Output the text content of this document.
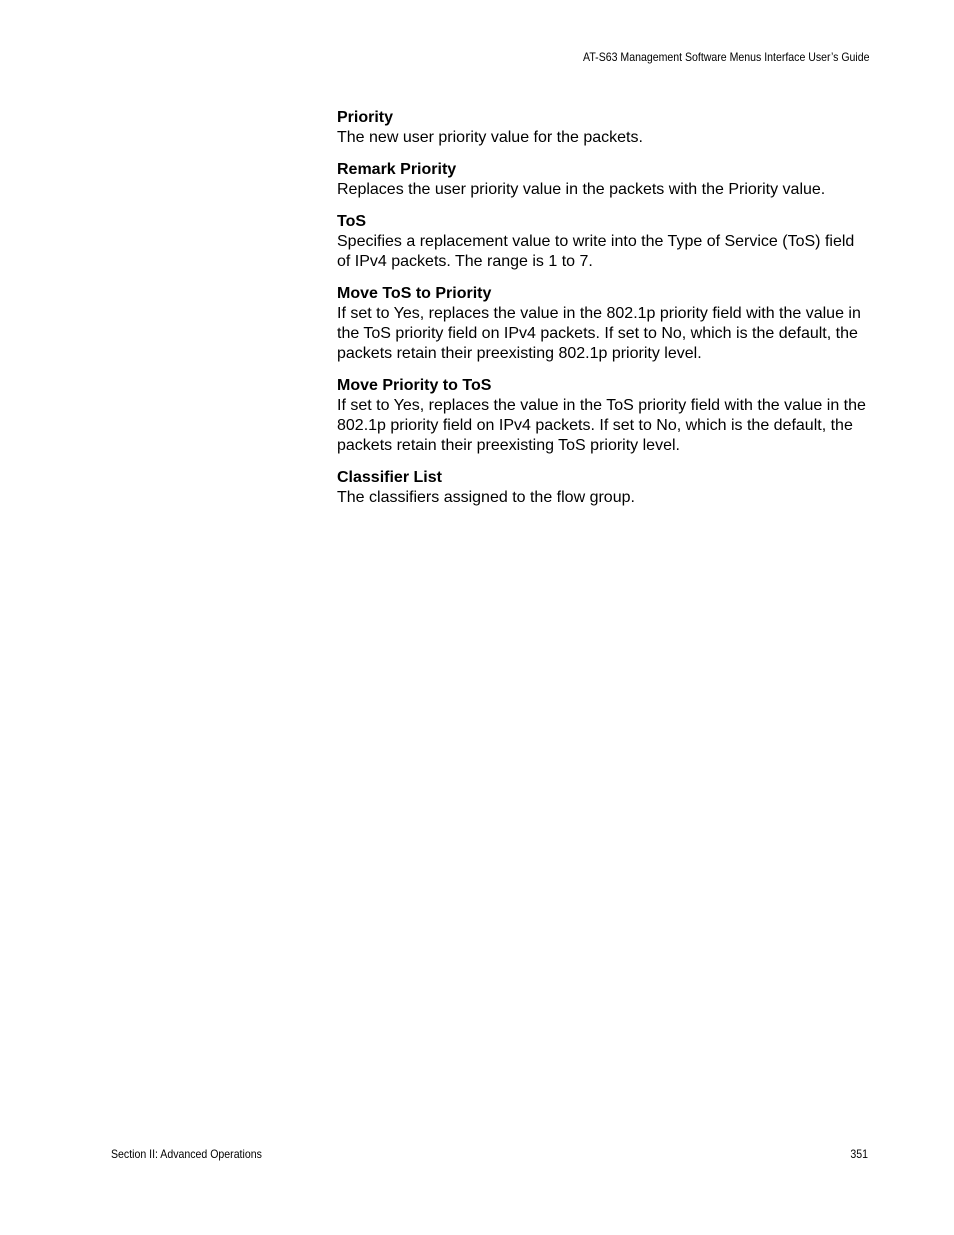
AT-S63 Management Software Menus Interface User’s Guide

Priority

The new user priority value for the packets.

Remark Priority

Replaces the user priority value in the packets with the Priority value.

ToS

Specifies a replacement value to write into the Type of Service (ToS) field of IPv4 packets. The range is 1 to 7.

Move ToS to Priority

If set to Yes, replaces the value in the 802.1p priority field with the value in the ToS priority field on IPv4 packets. If set to No, which is the default, the packets retain their preexisting 802.1p priority level.

Move Priority to ToS

If set to Yes, replaces the value in the ToS priority field with the value in the 802.1p priority field on IPv4 packets. If set to No, which is the default, the packets retain their preexisting ToS priority level.

Classifier List

The classifiers assigned to the flow group.

Section II: Advanced Operations	351
